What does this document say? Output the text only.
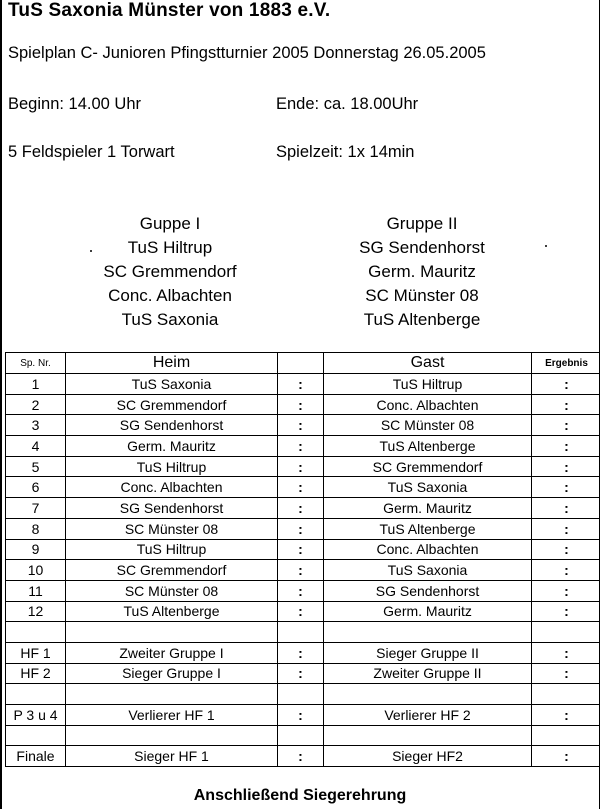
TuS Saxonia Münster von 1883 e.V.
Spielplan C- Junioren Pfingstturnier 2005 Donnerstag 26.05.2005
Beginn: 14.00 Uhr	Ende: ca. 18.00Uhr
5 Feldspieler 1 Torwart	Spielzeit: 1x 14min
Guppe I
TuS Hiltrup
SC Gremmendorf
Conc. Albachten
TuS Saxonia
Gruppe II
SG Sendenhorst
Germ. Mauritz
SC Münster 08
TuS Altenberge
Sp. Nr.	Heim		Gast	Ergebnis
1	TuS Saxonia	:	TuS Hiltrup	:
2	SC Gremmendorf	:	Conc. Albachten	:
3	SG Sendenhorst	:	SC Münster 08	:
4	Germ. Mauritz	:	TuS Altenberge	:
5	TuS Hiltrup	:	SC Gremmendorf	:
6	Conc. Albachten	:	TuS Saxonia	:
7	SG Sendenhorst	:	Germ. Mauritz	:
8	SC Münster 08	:	TuS Altenberge	:
9	TuS Hiltrup	:	Conc. Albachten	:
10	SC Gremmendorf	:	TuS Saxonia	:
11	SC Münster 08	:	SG Sendenhorst	:
12	TuS Altenberge	:	Germ. Mauritz	:

HF 1	Zweiter Gruppe I	:	Sieger Gruppe II	:
HF 2	Sieger Gruppe I	:	Zweiter Gruppe II	:

P 3 u 4	Verlierer HF 1	:	Verlierer HF 2	:

Finale	Sieger HF 1	:	Sieger HF2	:
Anschließend Siegerehrung
